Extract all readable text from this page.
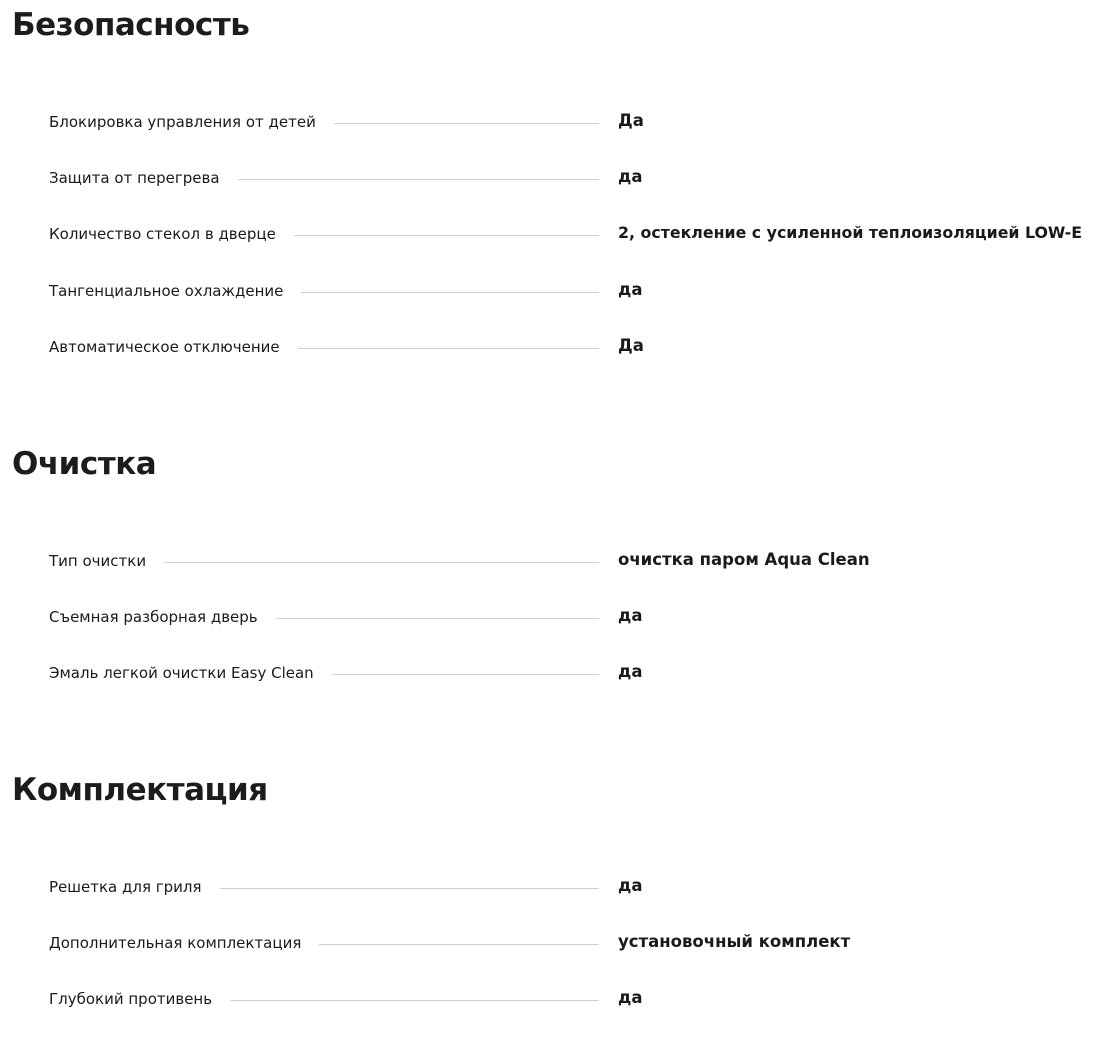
Безопасность
Блокировка управления от детей	Да
Защита от перегрева	да
Количество стекол в дверце	2, остекление с усиленной теплоизоляцией LOW-E
Тангенциальное охлаждение	да
Автоматическое отключение	Да
Очистка
Тип очистки	очистка паром Aqua Clean
Съемная разборная дверь	да
Эмаль легкой очистки Easy Clean	да
Комплектация
Решетка для гриля	да
Дополнительная комплектация	установочный комплект
Глубокий противень	да
